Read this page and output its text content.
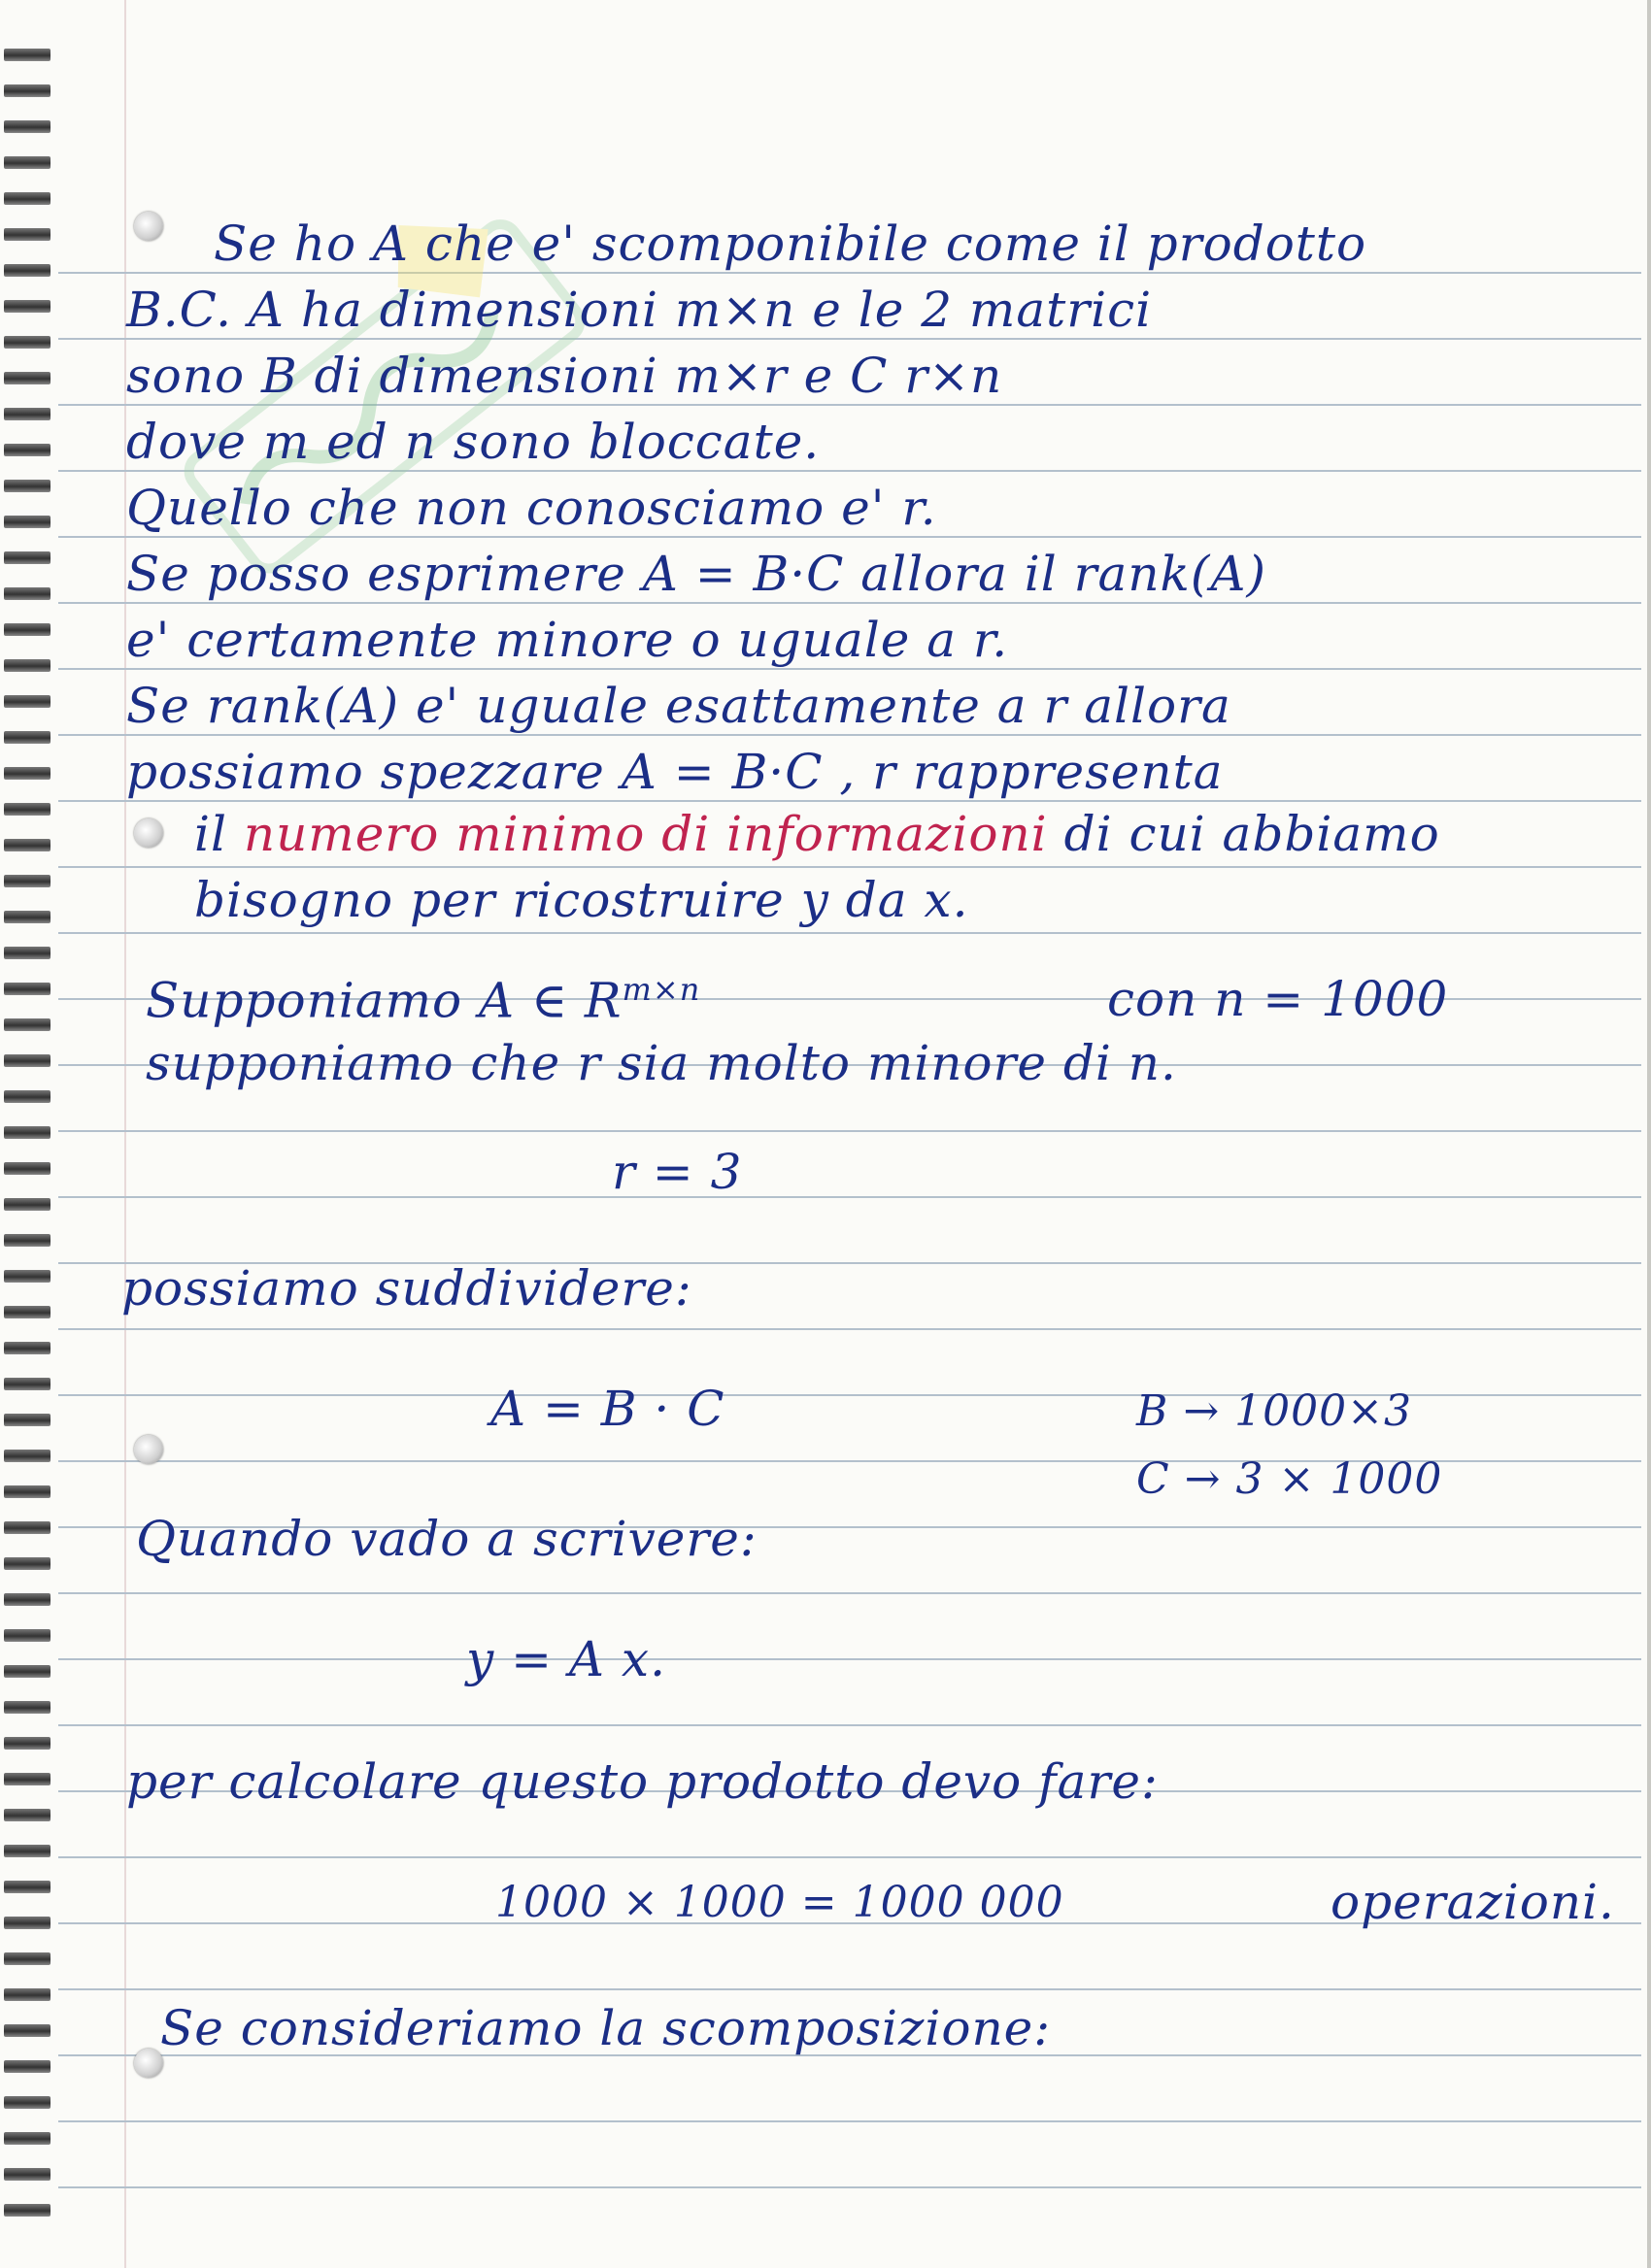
Se ho A che e' scomponibile come il prodotto
B.C. A ha dimensioni m×n e le 2 matrici
sono B di dimensioni m×r e C r×n
dove m ed n sono bloccate.
Quello che non conosciamo e' r.
Se posso esprimere A = B·C allora il rank(A)
e' certamente minore o uguale a r.
Se rank(A) e' uguale esattamente a r allora
possiamo spezzare A = B·C , r rappresenta
il numero minimo di informazioni di cui abbiamo
bisogno per ricostruire y da x.
Supponiamo A ∈ $R^{m\times n}$	con n = 1000
supponiamo che r sia molto minore di n.
r = 3
possiamo suddividere:
A = B · C	B → 1000×3
C → 3 × 1000
Quando vado a scrivere:
y = A x.
per calcolare questo prodotto devo fare:
1000 × 1000 = 1000 000	operazioni.
Se consideriamo la scomposizione:
